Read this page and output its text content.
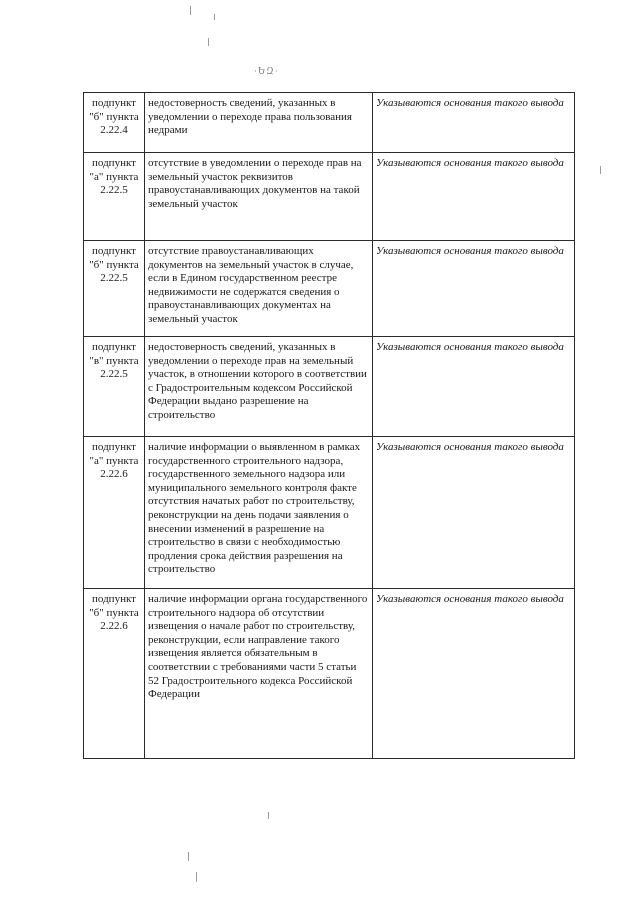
·ԵԶ·
подпункт "б" пункта 2.22.4	недостоверность сведений, указанных в уведомлении о переходе права пользования недрами	Указываются основания такого вывода
подпункт "а" пункта 2.22.5	отсутствие в уведомлении о переходе прав на земельный участок реквизитов правоустанавливающих документов на такой земельный участок	Указываются основания такого вывода
подпункт "б" пункта 2.22.5	отсутствие правоустанавливающих документов на земельный участок в случае, если в Едином государственном реестре недвижимости не содержатся сведения о правоустанавливающих документах на земельный участок	Указываются основания такого вывода
подпункт "в" пункта 2.22.5	недостоверность сведений, указанных в уведомлении о переходе прав на земельный участок, в отношении которого в соответствии с Градостроительным кодексом Российской Федерации выдано разрешение на строительство	Указываются основания такого вывода
подпункт "а" пункта 2.22.6	наличие информации о выявленном в рамках государственного строительного надзора, государственного земельного надзора или муниципального земельного контроля факте отсутствия начатых работ по строительству, реконструкции на день подачи заявления о внесении изменений в разрешение на строительство в связи с необходимостью продления срока действия разрешения на строительство	Указываются основания такого вывода
подпункт "б" пункта 2.22.6	наличие информации органа государственного строительного надзора об отсутствии извещения о начале работ по строительству, реконструкции, если направление такого извещения является обязательным в соответствии с требованиями части 5 статьи 52 Градостроительного кодекса Российской Федерации	Указываются основания такого вывода
